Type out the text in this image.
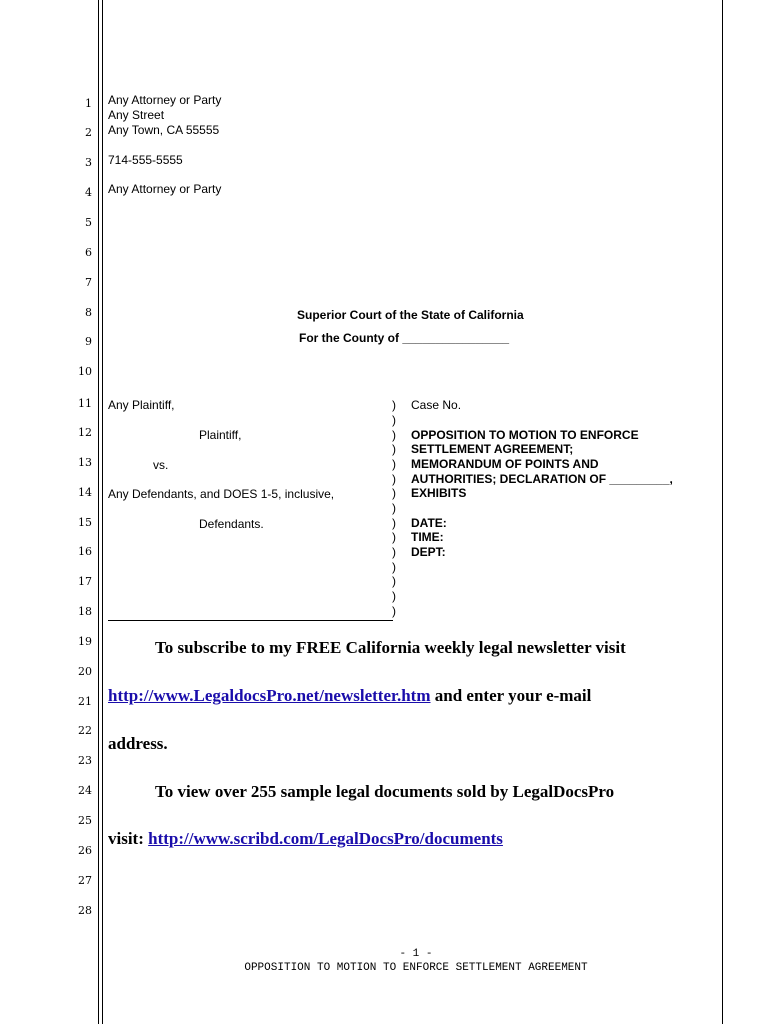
1
2
3
4
5
6
7
8
9
10
11
12
13
14
15
16
17
18
19
20
21
22
23
24
25
26
27
28
Any Attorney or Party
Any Street
Any Town, CA 55555
714-555-5555
Any Attorney or Party
Superior Court of the State of California
For the County of ________________
Any Plaintiff,
Plaintiff,
vs.
Any Defendants, and DOES 1-5, inclusive,
Defendants.
)
)
)
)
)
)
)
)
)
)
)
)
)
)
)
Case No.
OPPOSITION TO MOTION TO ENFORCE
SETTLEMENT AGREEMENT;
MEMORANDUM OF POINTS AND
AUTHORITIES; DECLARATION OF _________,
EXHIBITS
DATE:
TIME:
DEPT:
To subscribe to my FREE California weekly legal newsletter visit
http://www.LegaldocsPro.net/newsletter.htm and enter your e-mail
address.
To view over 255 sample legal documents sold by LegalDocsPro
visit: http://www.scribd.com/LegalDocsPro/documents
- 1 -
OPPOSITION TO MOTION TO ENFORCE SETTLEMENT AGREEMENT
